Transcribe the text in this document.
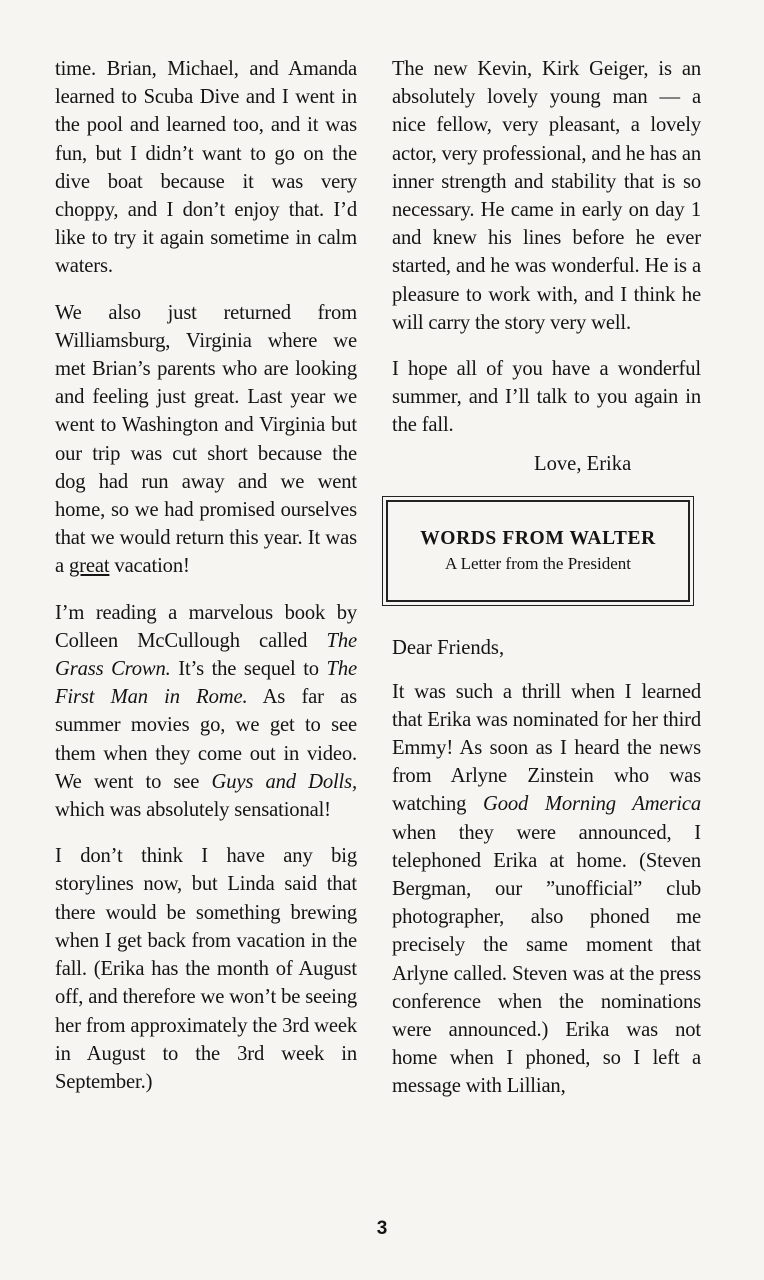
time. Brian, Michael, and Amanda learned to Scuba Dive and I went in the pool and learned too, and it was fun, but I didn’t want to go on the dive boat because it was very choppy, and I don’t enjoy that. I’d like to try it again sometime in calm waters.

We also just returned from Williamsburg, Virginia where we met Brian’s parents who are looking and feeling just great. Last year we went to Washington and Virginia but our trip was cut short because the dog had run away and we went home, so we had promised ourselves that we would return this year. It was a great vacation!

I’m reading a marvelous book by Colleen McCullough called The Grass Crown. It’s the sequel to The First Man in Rome. As far as summer movies go, we get to see them when they come out in video. We went to see Guys and Dolls, which was absolutely sensational!

I don’t think I have any big storylines now, but Linda said that there would be something brewing when I get back from vacation in the fall. (Erika has the month of August off, and therefore we won’t be seeing her from approximately the 3rd week in August to the 3rd week in September.)

The new Kevin, Kirk Geiger, is an absolutely lovely young man — a nice fellow, very pleasant, a lovely actor, very professional, and he has an inner strength and stability that is so necessary. He came in early on day 1 and knew his lines before he ever started, and he was wonderful. He is a pleasure to work with, and I think he will carry the story very well.

I hope all of you have a wonderful summer, and I’ll talk to you again in the fall.

Love, Erika
WORDS FROM WALTER
A Letter from the President
Dear Friends,

It was such a thrill when I learned that Erika was nominated for her third Emmy! As soon as I heard the news from Arlyne Zinstein who was watching Good Morning America when they were announced, I telephoned Erika at home. (Steven Bergman, our ”unofficial” club photographer, also phoned me precisely the same moment that Arlyne called. Steven was at the press conference when the nominations were announced.) Erika was not home when I phoned, so I left a message with Lillian,

3
